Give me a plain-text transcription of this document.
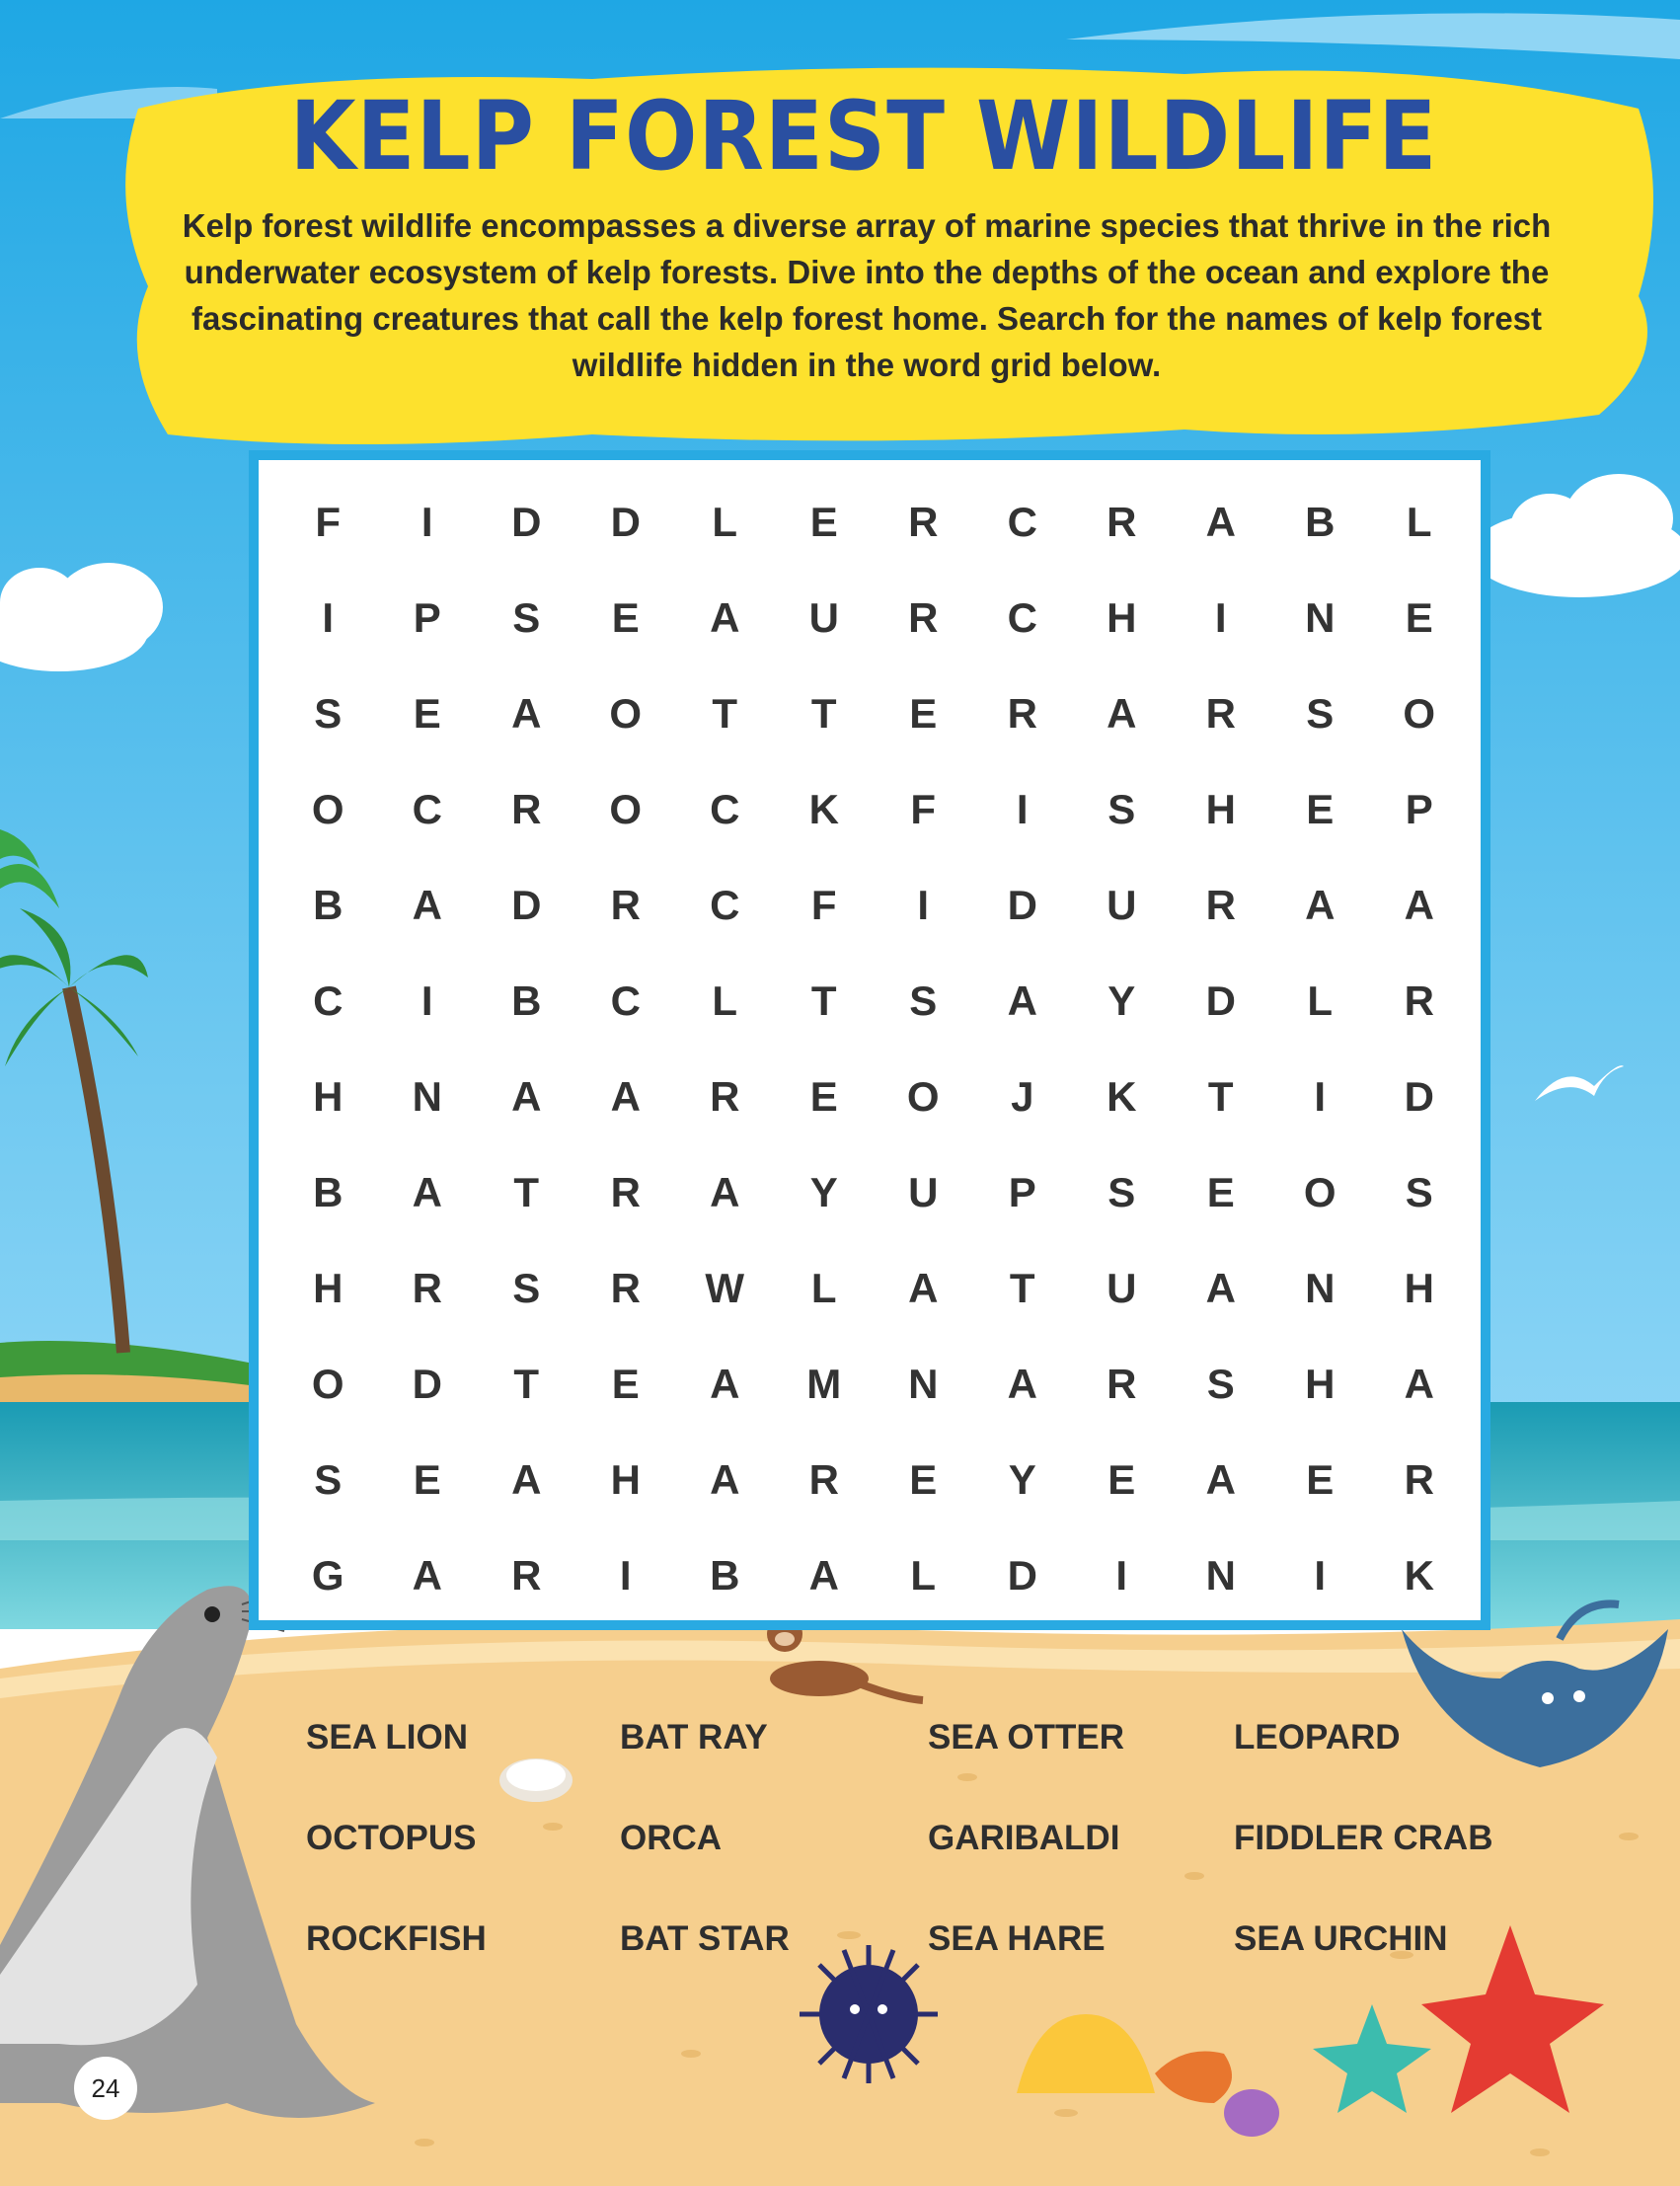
KELP FOREST WILDLIFE

Kelp forest wildlife encompasses a diverse array of marine species that thrive in the rich underwater ecosystem of kelp forests. Dive into the depths of the ocean and explore the fascinating creatures that call the kelp forest home. Search for the names of kelp forest wildlife hidden in the word grid below.

F	I	D	D	L	E	R	C	R	A	B	L
I	P	S	E	A	U	R	C	H	I	N	E
S	E	A	O	T	T	E	R	A	R	S	O
O	C	R	O	C	K	F	I	S	H	E	P
B	A	D	R	C	F	I	D	U	R	A	A
C	I	B	C	L	T	S	A	Y	D	L	R
H	N	A	A	R	E	O	J	K	T	I	D
B	A	T	R	A	Y	U	P	S	E	O	S
H	R	S	R	W	L	A	T	U	A	N	H
O	D	T	E	A	M	N	A	R	S	H	A
S	E	A	H	A	R	E	Y	E	A	E	R
G	A	R	I	B	A	L	D	I	N	I	K
SEA LION	BAT RAY	SEA OTTER	LEOPARD
OCTOPUS	ORCA	GARIBALDI	FIDDLER CRAB
ROCKFISH	BAT STAR	SEA HARE	SEA URCHIN
24
